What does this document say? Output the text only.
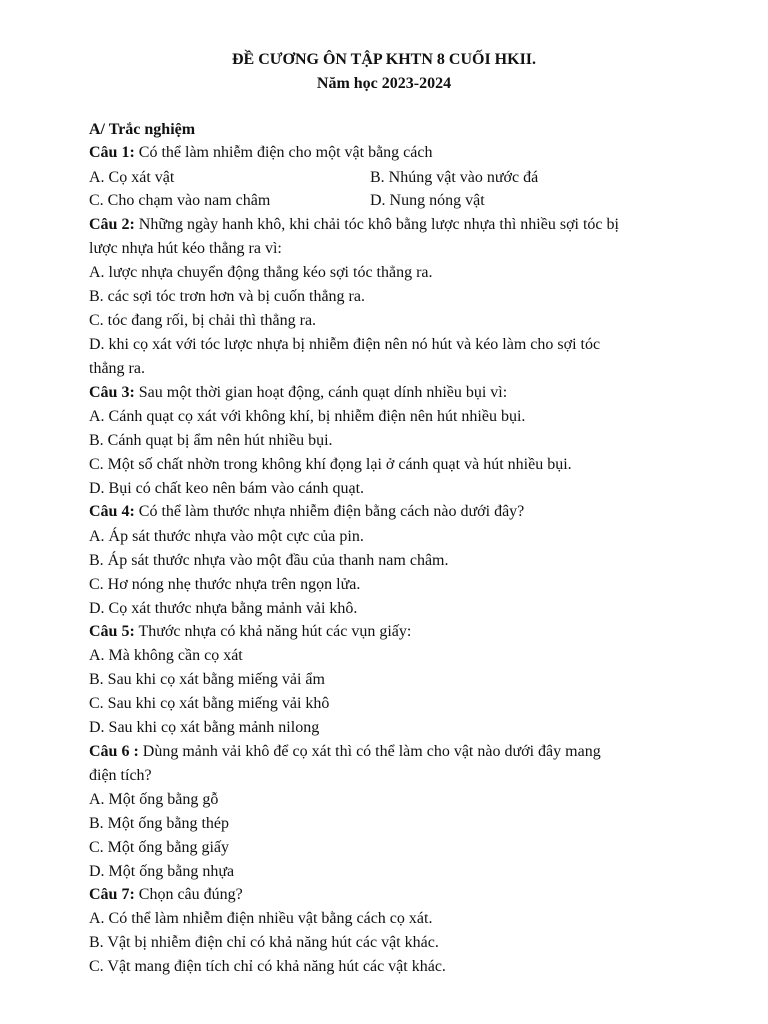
ĐỀ CƯƠNG ÔN TẬP KHTN 8 CUỐI HKII.
Năm học 2023-2024
A/ Trắc nghiệm
Câu 1: Có thể làm nhiễm điện cho một vật bằng cách
A. Cọ xát vật	B. Nhúng vật vào nước đá
C. Cho chạm vào nam châm	D. Nung nóng vật
Câu 2: Những ngày hanh khô, khi chải tóc khô bằng lược nhựa thì nhiều sợi tóc bị
lược nhựa hút kéo thẳng ra vì:
A. lược nhựa chuyển động thẳng kéo sợi tóc thẳng ra.
B. các sợi tóc trơn hơn và bị cuốn thẳng ra.
C. tóc đang rối, bị chải thì thẳng ra.
D. khi cọ xát với tóc lược nhựa bị nhiễm điện nên nó hút và kéo làm cho sợi tóc
thẳng ra.
Câu 3: Sau một thời gian hoạt động, cánh quạt dính nhiều bụi vì:
A. Cánh quạt cọ xát với không khí, bị nhiễm điện nên hút nhiều bụi.
B. Cánh quạt bị ẩm nên hút nhiều bụi.
C. Một số chất nhờn trong không khí đọng lại ở cánh quạt và hút nhiều bụi.
D. Bụi có chất keo nên bám vào cánh quạt.
Câu 4: Có thể làm thước nhựa nhiễm điện bằng cách nào dưới đây?
A. Áp sát thước nhựa vào một cực của pin.
B. Áp sát thước nhựa vào một đầu của thanh nam châm.
C. Hơ nóng nhẹ thước nhựa trên ngọn lửa.
D. Cọ xát thước nhựa bằng mảnh vải khô.
Câu 5: Thước nhựa có khả năng hút các vụn giấy:
A. Mà không cần cọ xát
B. Sau khi cọ xát bằng miếng vải ẩm
C. Sau khi cọ xát bằng miếng vải khô
D. Sau khi cọ xát bằng mảnh nilong
Câu 6 : Dùng mảnh vải khô để cọ xát thì có thể làm cho vật nào dưới đây mang
điện tích?
A. Một ống bằng gỗ
B. Một ống bằng thép
C. Một ống bằng giấy
D. Một ống bằng nhựa
Câu 7: Chọn câu đúng?
A. Có thể làm nhiễm điện nhiều vật bằng cách cọ xát.
B. Vật bị nhiễm điện chỉ có khả năng hút các vật khác.
C. Vật mang điện tích chỉ có khả năng hút các vật khác.
